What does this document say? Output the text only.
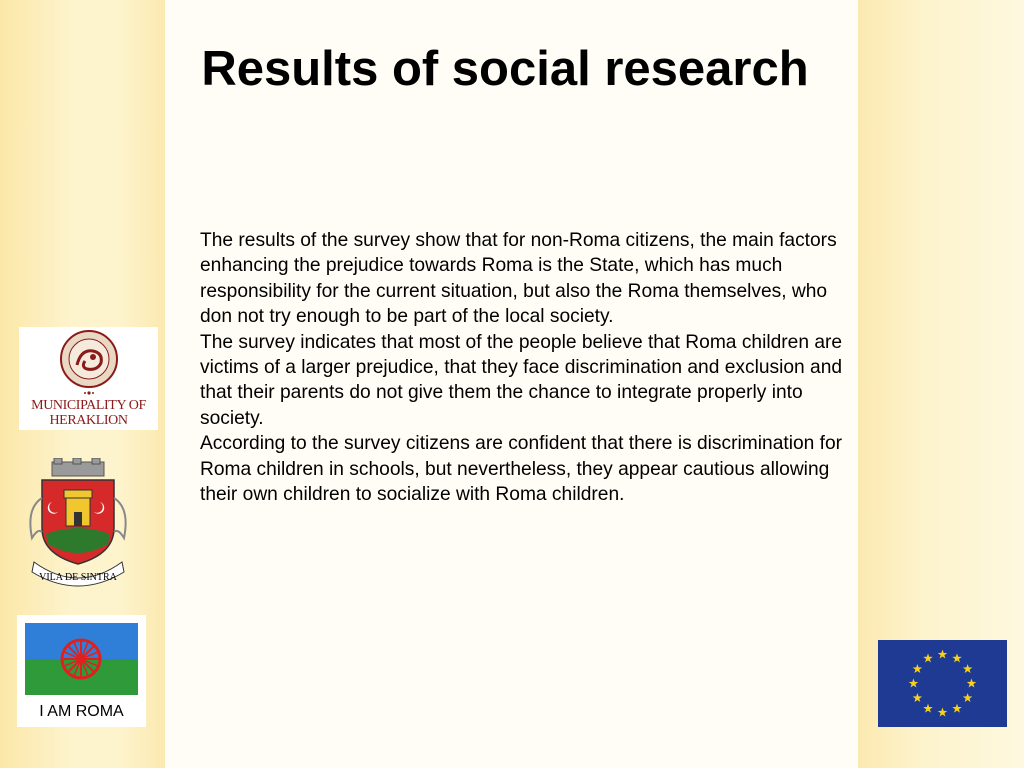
Results of social research

The results of the survey show that for non-Roma citizens, the main factors enhancing the prejudice towards Roma is the State, which has much responsibility for the current situation, but also the Roma themselves, who don not try enough to be part of the local society.

The survey indicates that most of the people believe that Roma children are victims of a larger prejudice, that they face discrimination and exclusion and that their parents do not give them the chance to integrate properly into society.

According to the survey citizens are confident that there is discrimination for Roma children in schools, but nevertheless, they appear cautious allowing their own children to socialize with Roma children.

MUNICIPALITY OF
HERAKLION
VILA DE SINTRA
I AM ROMA
